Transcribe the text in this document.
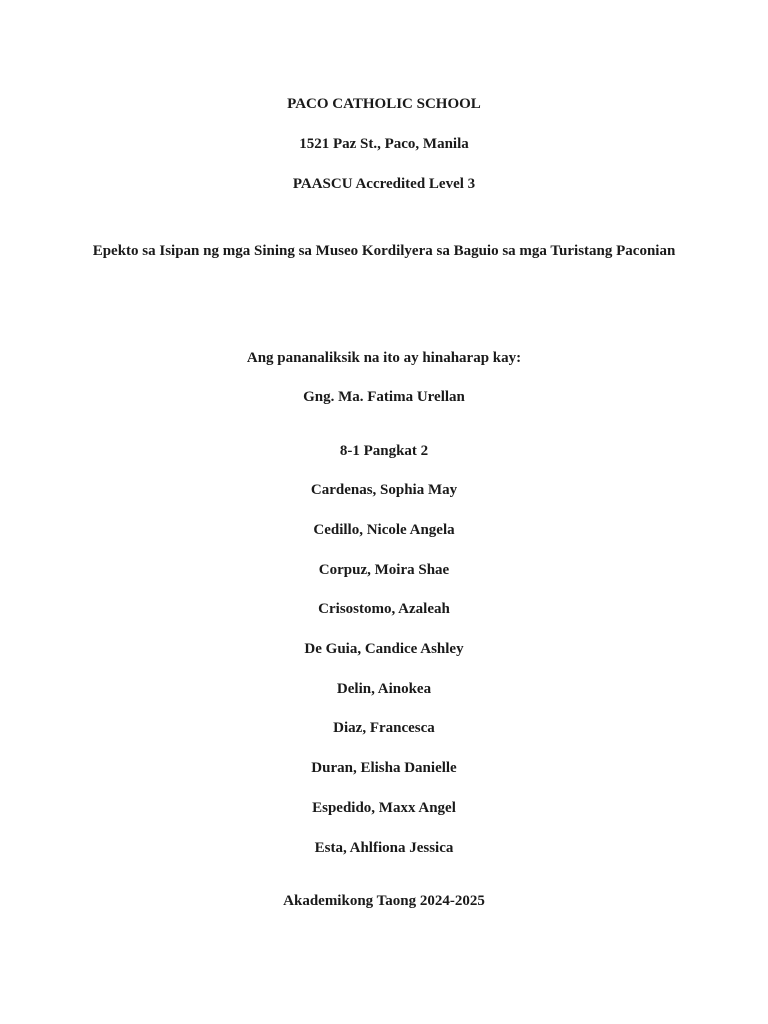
PACO CATHOLIC SCHOOL
1521 Paz St., Paco, Manila
PAASCU Accredited Level 3
Epekto sa Isipan ng mga Sining sa Museo Kordilyera sa Baguio sa mga Turistang Paconian
Ang pananaliksik na ito ay hinaharap kay:
Gng. Ma. Fatima Urellan
8-1 Pangkat 2
Cardenas, Sophia May
Cedillo, Nicole Angela
Corpuz, Moira Shae
Crisostomo, Azaleah
De Guia, Candice Ashley
Delin, Ainokea
Diaz, Francesca
Duran, Elisha Danielle
Espedido, Maxx Angel
Esta, Ahlfiona Jessica
Akademikong Taong 2024-2025
